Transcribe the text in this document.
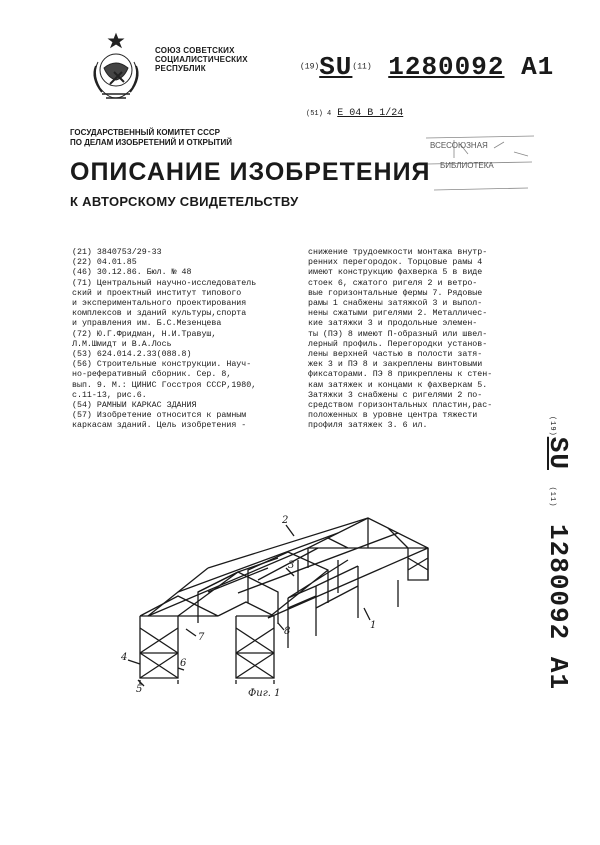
СОЮЗ СОВЕТСКИХ
СОЦИАЛИСТИЧЕСКИХ
РЕСПУБЛИК	(19)SU(11) 1280092 A1
(51) 4 E 04 B 1/24
ГОСУДАРСТВЕННЫЙ КОМИТЕТ СССР
ПО ДЕЛАМ ИЗОБРЕТЕНИЙ И ОТКРЫТИЙ	ВСЕСОЮЗНАЯ
БИБЛИОТЕКА
ОПИСАНИЕ ИЗОБРЕТЕНИЯ
К АВТОРСКОМУ СВИДЕТЕЛЬСТВУ
(21) 3840753/29-33
(22) 04.01.85
(46) 30.12.86. Бюл. № 48
(71) Центральный научно-исследователь
ский и проектный институт типового
и экспериментального проектирования
комплексов и зданий культуры,спорта
и управления им. Б.С.Мезенцева
(72) Ю.Г.Фридман, Н.И.Травуш,
Л.М.Шмидт и В.А.Лось
(53) 624.014.2.33(088.8)
(56) Строительные конструкции. Науч-
но-реферативный сборник. Сер. 8,
вып. 9. М.: ЦИНИС Госстроя СССР,1980,
с.11-13, рис.6.
(54) РАМНЫЙ КАРКАС ЗДАНИЯ
(57) Изобретение относится к рамным
каркасам зданий. Цель изобретения -
снижение трудоемкости монтажа внутр-
ренних перегородок. Торцовые рамы 4
имеют конструкцию фахверка 5 в виде
стоек 6, сжатого ригеля 2 и ветро-
вые горизонтальные фермы 7. Рядовые
рамы 1 снабжены затяжкой 3 и выпол-
нены сжатыми ригелями 2. Металличес-
кие затяжки 3 и продольные элемен-
ты (ПЭ) 8 имеют П-образный или швел-
лерный профиль. Перегородки установ-
лены верхней частью в полости затя-
жек 3 и ПЭ 8 и закреплены винтовыми
фиксаторами. ПЭ 8 прикреплены к стен-
кам затяжек и концами к фахверкам 5.
Затяжки 3 снабжены с ригелями 2 по-
средством горизонтальных пластин,рас-
положенных в уровне центра тяжести
профиля затяжек 3. 6 ил.	(19)SU (11) 1280092 A1
2
3
1
7
8
4
5
6
Фиг. 1
